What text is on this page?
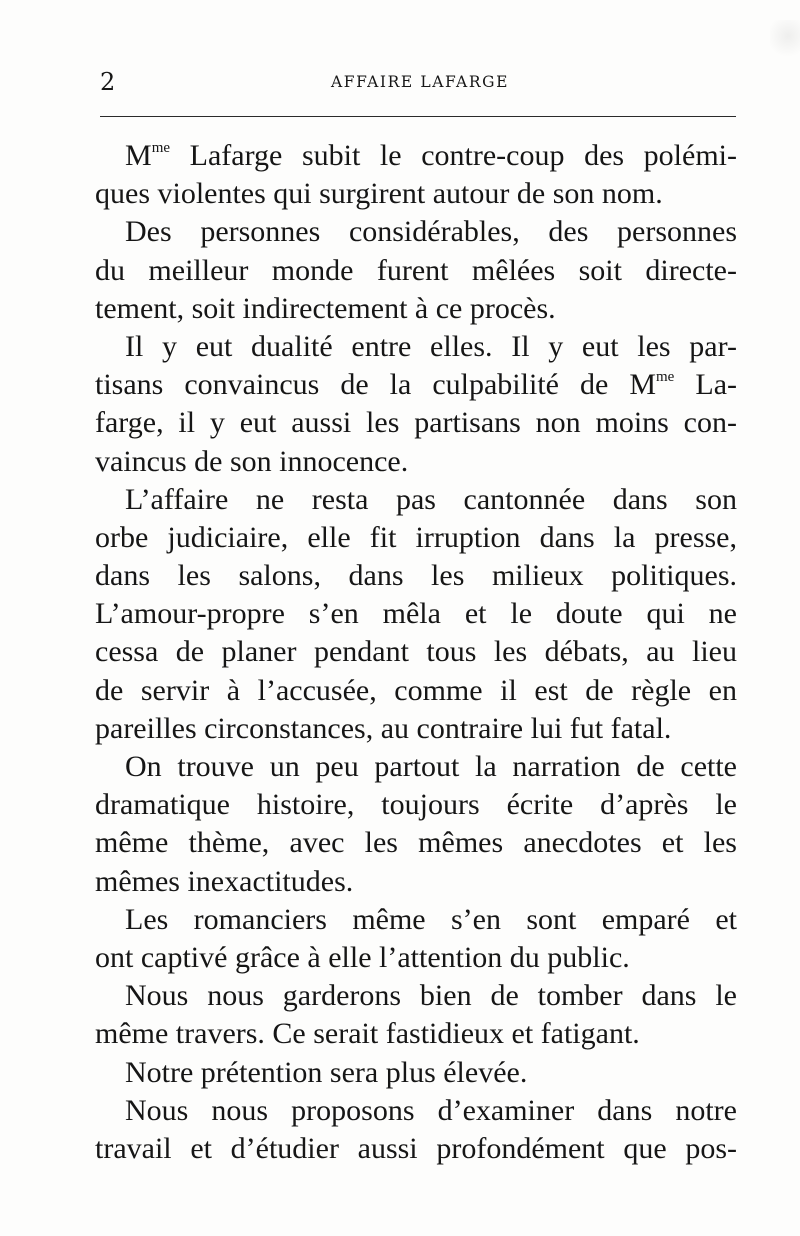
2	AFFAIRE LAFARGE
$M^{me}$ Lafarge subit le contre-coup des polémi-
ques violentes qui surgirent autour de son nom.
Des personnes considérables, des personnes
du meilleur monde furent mêlées soit directe-
tement, soit indirectement à ce procès.
Il y eut dualité entre elles. Il y eut les par-
tisans convaincus de la culpabilité de $M^{me}$ La-
farge, il y eut aussi les partisans non moins con-
vaincus de son innocence.
L’affaire ne resta pas cantonnée dans son
orbe judiciaire, elle fit irruption dans la presse,
dans les salons, dans les milieux politiques.
L’amour-propre s’en mêla et le doute qui ne
cessa de planer pendant tous les débats, au lieu
de servir à l’accusée, comme il est de règle en
pareilles circonstances, au contraire lui fut fatal.
On trouve un peu partout la narration de cette
dramatique histoire, toujours écrite d’après le
même thème, avec les mêmes anecdotes et les
mêmes inexactitudes.
Les romanciers même s’en sont emparé et
ont captivé grâce à elle l’attention du public.
Nous nous garderons bien de tomber dans le
même travers. Ce serait fastidieux et fatigant.
Notre prétention sera plus élevée.
Nous nous proposons d’examiner dans notre
travail et d’étudier aussi profondément que pos-
